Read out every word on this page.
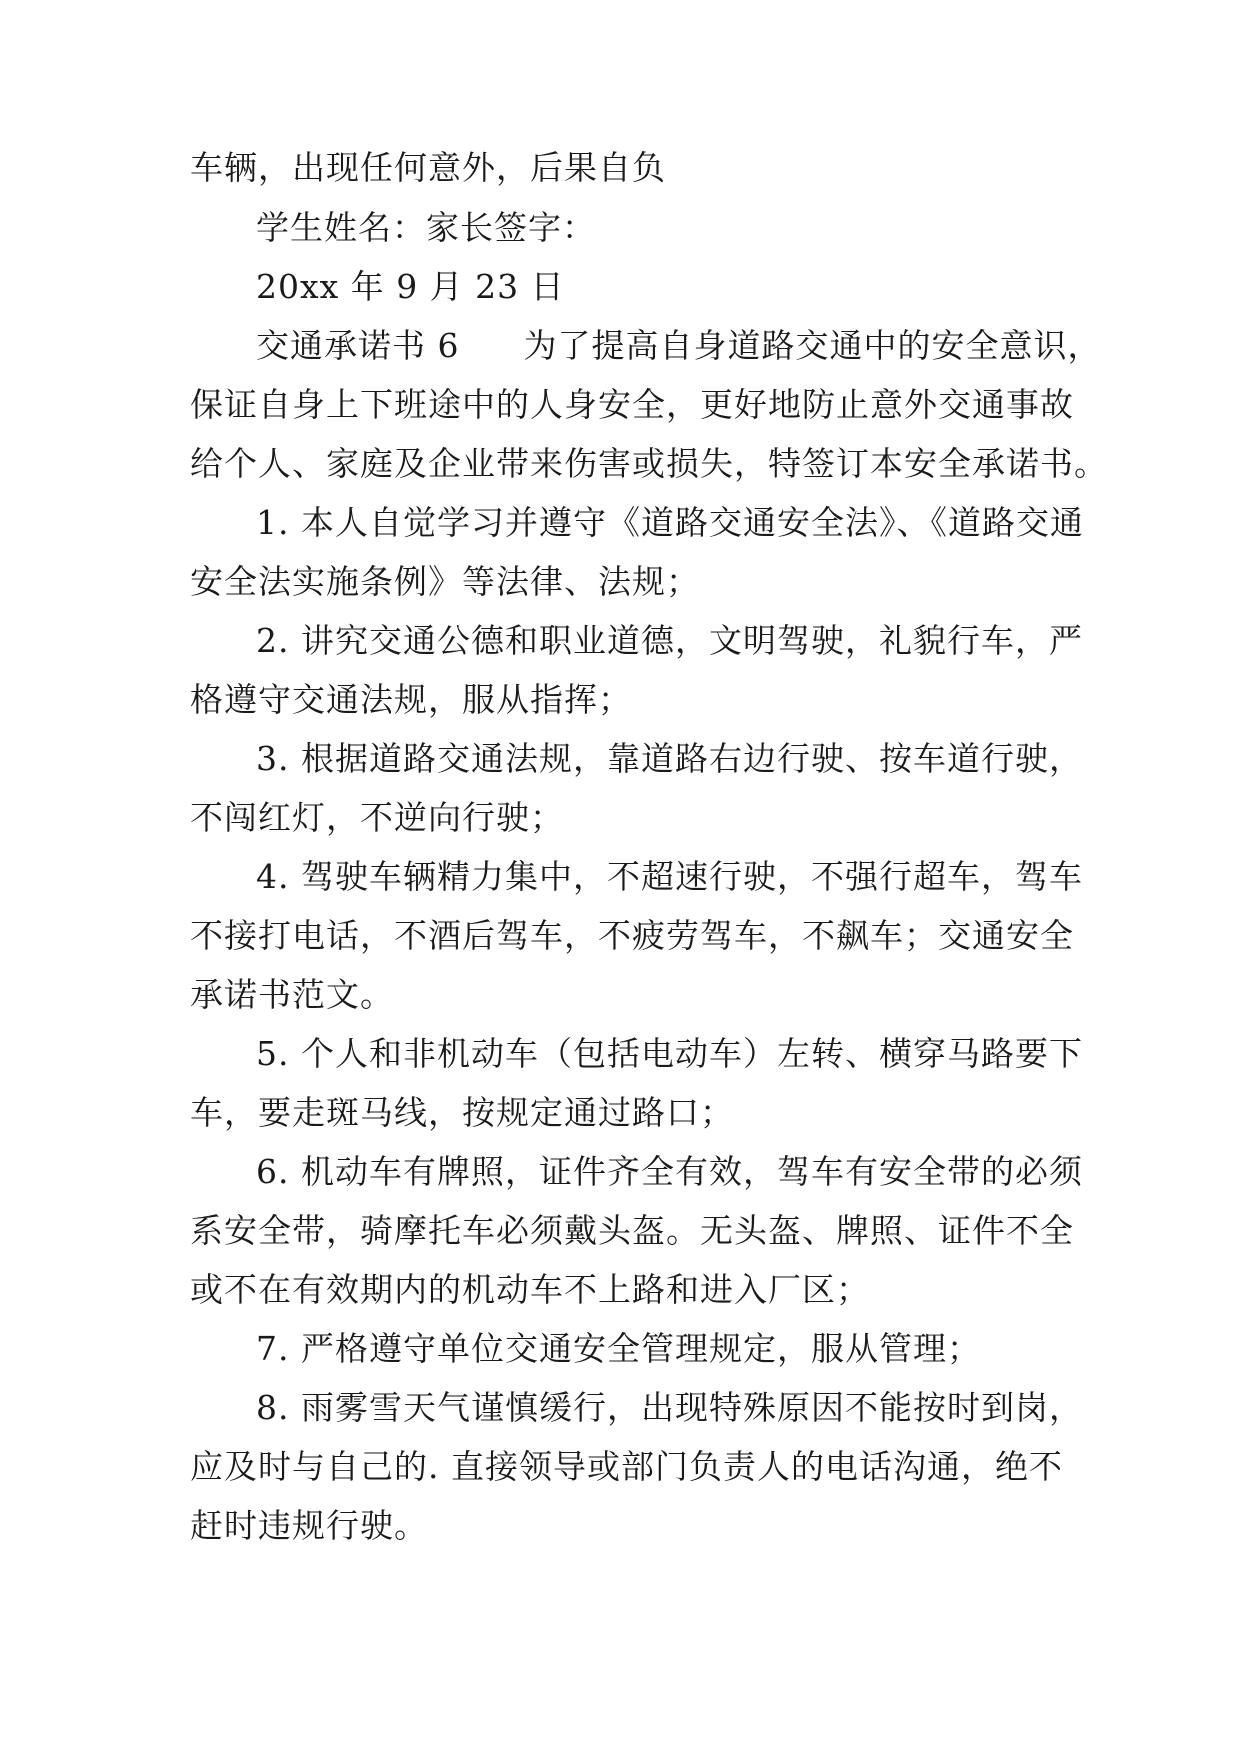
车辆，出现任何意外，后果自负
学生姓名：家长签字：
20xx 年 9 月 23 日
交通承诺书 6 为了提高自身道路交通中的安全意识，
保证自身上下班途中的人身安全，更好地防止意外交通事故
给个人、家庭及企业带来伤害或损失，特签订本安全承诺书。
1. 本人自觉学习并遵守《道路交通安全法》、《道路交通
安全法实施条例》等法律、法规；
2. 讲究交通公德和职业道德，文明驾驶，礼貌行车，严
格遵守交通法规，服从指挥；
3. 根据道路交通法规，靠道路右边行驶、按车道行驶，
不闯红灯，不逆向行驶；
4. 驾驶车辆精力集中，不超速行驶，不强行超车，驾车
不接打电话，不酒后驾车，不疲劳驾车，不飙车；交通安全
承诺书范文。
5. 个人和非机动车（包括电动车）左转、横穿马路要下
车，要走斑马线，按规定通过路口；
6. 机动车有牌照，证件齐全有效，驾车有安全带的必须
系安全带，骑摩托车必须戴头盔。无头盔、牌照、证件不全
或不在有效期内的机动车不上路和进入厂区；
7. 严格遵守单位交通安全管理规定，服从管理；
8. 雨雾雪天气谨慎缓行，出现特殊原因不能按时到岗，
应及时与自己的. 直接领导或部门负责人的电话沟通，绝不
赶时违规行驶。
